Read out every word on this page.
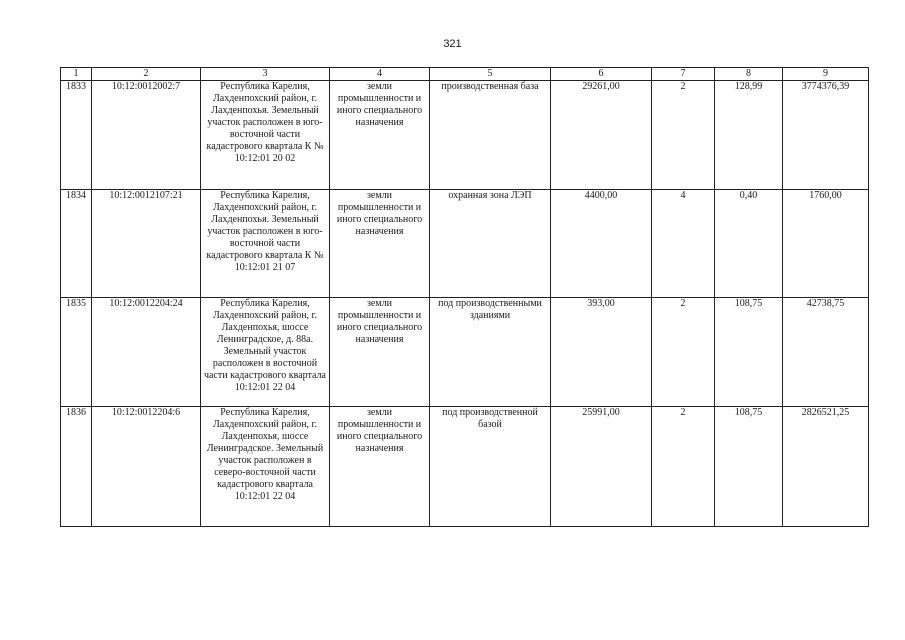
321
1	2	3	4	5	6	7	8	9
1833	10:12:0012002:7	Республика Карелия, Лахденпохский район, г. Лахденпохья. Земельный участок расположен в юго-восточной части кадастрового квартала К № 10:12:01 20 02	земли промышленности и иного специального назначения	производственная база	29261,00	2	128,99	3774376,39
1834	10:12:0012107:21	Республика Карелия, Лахденпохский район, г. Лахденпохья. Земельный участок расположен в юго-восточной части кадастрового квартала К № 10:12:01 21 07	земли промышленности и иного специального назначения	охранная зона ЛЭП	4400,00	4	0,40	1760,00
1835	10:12:0012204:24	Республика Карелия, Лахденпохский район, г. Лахденпохья, шоссе Ленинградское, д. 88а. Земельный участок расположен в восточной части кадастрового квартала 10:12:01 22 04	земли промышленности и иного специального назначения	под производственными зданиями	393,00	2	108,75	42738,75
1836	10:12:0012204:6	Республика Карелия, Лахденпохский район, г. Лахденпохья, шоссе Ленинградское. Земельный участок расположен в северо-восточной части кадастрового квартала 10:12:01 22 04	земли промышленности и иного специального назначения	под производственной базой	25991,00	2	108,75	2826521,25
